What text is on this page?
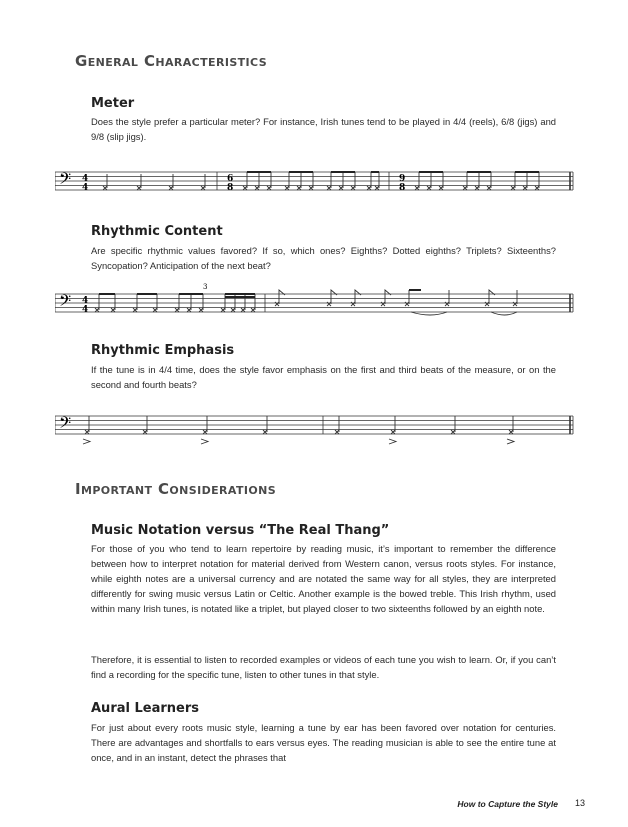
General Characteristics
Meter
Does the style prefer a particular meter? For instance, Irish tunes tend to be played in 4/4 (reels), 6/8 (jigs) and 9/8 (slip jigs).
𝄢 4
4
6
8
9
8
Rhythmic Content
Are specific rhythmic values favored? If so, which ones? Eighths? Dotted eighths? Triplets? Sixteenths? Syncopation? Anticipation of the next beat?
𝄢 4
4
3
Rhythmic Emphasis
If the tune is in 4/4 time, does the style favor emphasis on the first and third beats of the measure, or on the second and fourth beats?
𝄢
Important Considerations
Music Notation versus “The Real Thang”
For those of you who tend to learn repertoire by reading music, it’s important to remember the difference between how to interpret notation for material derived from Western canon, versus roots styles. For instance, while eighth notes are a universal currency and are notated the same way for all styles, they are interpreted differently for swing music versus Latin or Celtic. Another example is the bowed treble. This Irish rhythm, used within many Irish tunes, is notated like a triplet, but played closer to two sixteenths followed by an eighth note.
Therefore, it is essential to listen to recorded examples or videos of each tune you wish to learn. Or, if you can’t find a recording for the specific tune, listen to other tunes in that style.
Aural Learners
For just about every roots music style, learning a tune by ear has been favored over notation for centuries. There are advantages and shortfalls to ears versus eyes. The reading musician is able to see the entire tune at once, and in an instant, detect the phrases that
How to Capture the Style 13
